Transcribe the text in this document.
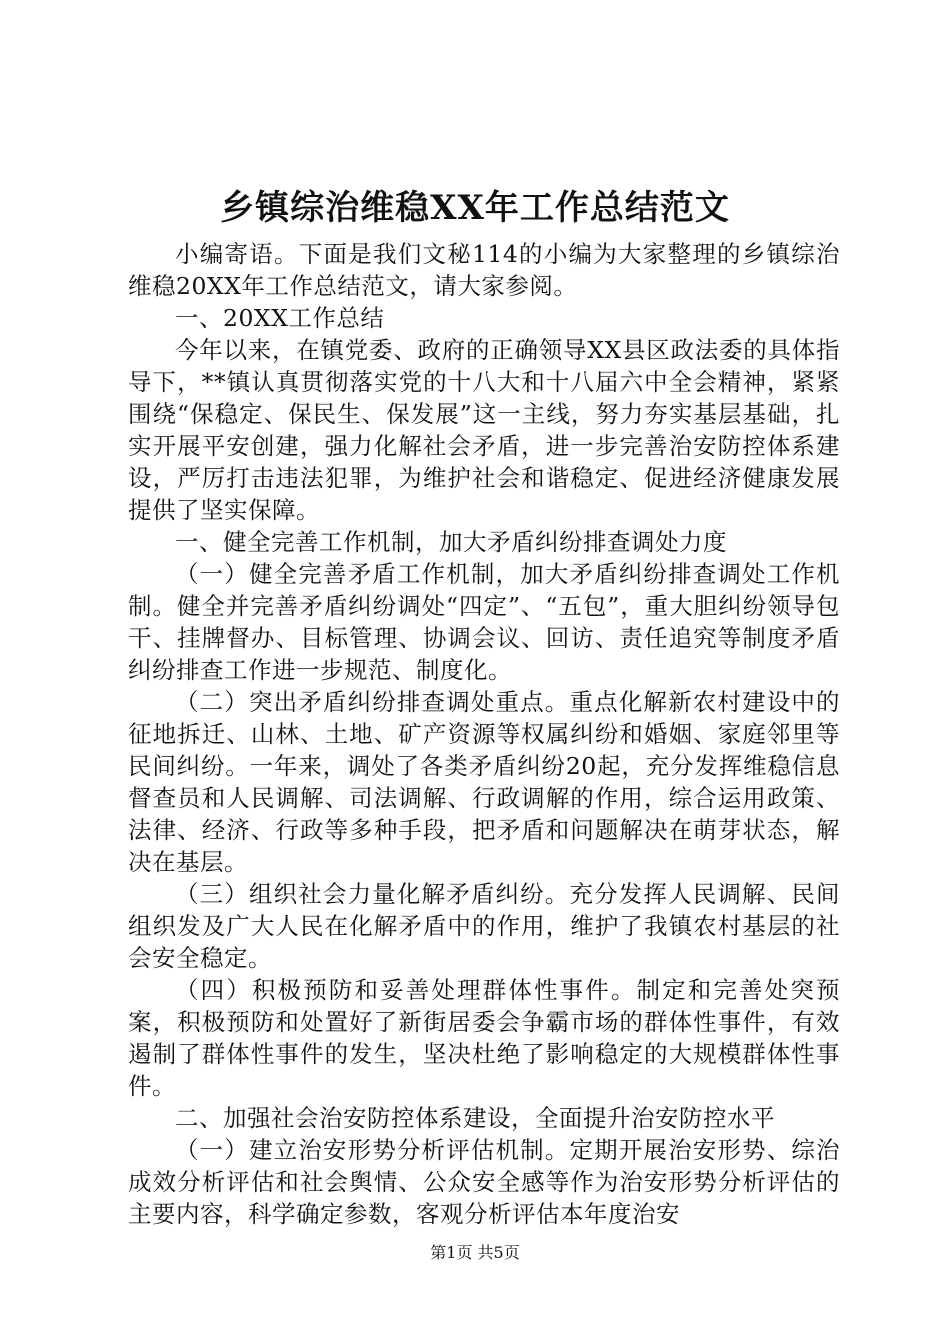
乡镇综治维稳XX年工作总结范文

小编寄语。下面是我们文秘114的小编为大家整理的乡镇综治维稳20XX年工作总结范文，请大家参阅。

一、20XX工作总结

今年以来，在镇党委、政府的正确领导XX县区政法委的具体指导下，**镇认真贯彻落实党的十八大和十八届六中全会精神，紧紧围绕“保稳定、保民生、保发展”这一主线，努力夯实基层基础，扎实开展平安创建，强力化解社会矛盾，进一步完善治安防控体系建设，严厉打击违法犯罪，为维护社会和谐稳定、促进经济健康发展提供了坚实保障。

一、健全完善工作机制，加大矛盾纠纷排查调处力度

（一）健全完善矛盾工作机制，加大矛盾纠纷排查调处工作机制。健全并完善矛盾纠纷调处“四定”、“五包”，重大胆纠纷领导包干、挂牌督办、目标管理、协调会议、回访、责任追究等制度矛盾纠纷排查工作进一步规范、制度化。

（二）突出矛盾纠纷排查调处重点。重点化解新农村建设中的征地拆迁、山林、土地、矿产资源等权属纠纷和婚姻、家庭邻里等民间纠纷。一年来，调处了各类矛盾纠纷20起，充分发挥维稳信息督查员和人民调解、司法调解、行政调解的作用，综合运用政策、法律、经济、行政等多种手段，把矛盾和问题解决在萌芽状态，解决在基层。

（三）组织社会力量化解矛盾纠纷。充分发挥人民调解、民间组织发及广大人民在化解矛盾中的作用，维护了我镇农村基层的社会安全稳定。

（四）积极预防和妥善处理群体性事件。制定和完善处突预案，积极预防和处置好了新街居委会争霸市场的群体性事件，有效遏制了群体性事件的发生，坚决杜绝了影响稳定的大规模群体性事件。

二、加强社会治安防控体系建设，全面提升治安防控水平

（一）建立治安形势分析评估机制。定期开展治安形势、综治成效分析评估和社会舆情、公众安全感等作为治安形势分析评估的主要内容，科学确定参数，客观分析评估本年度治安

第1页 共5页
